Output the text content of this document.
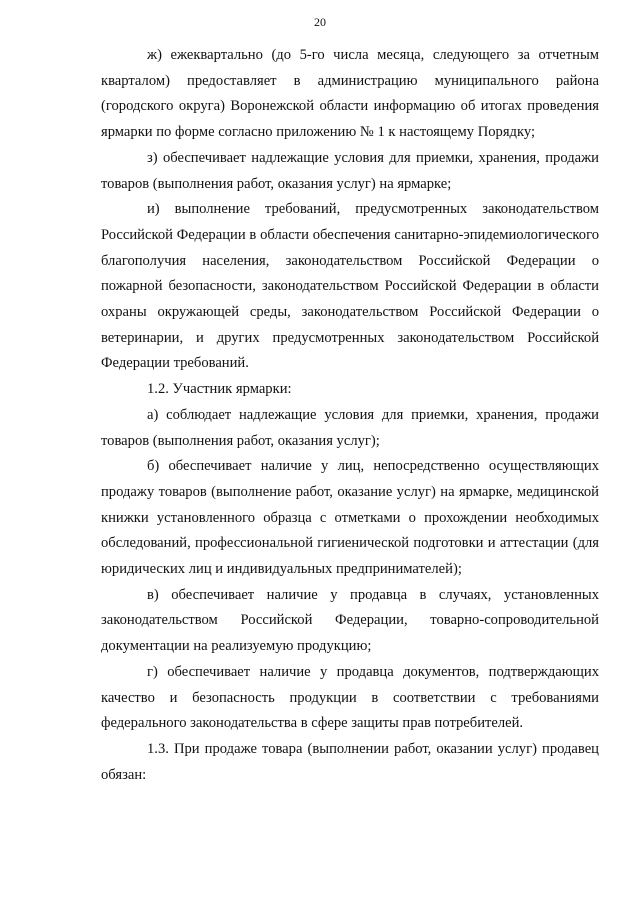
20

ж) ежеквартально (до 5-го числа месяца, следующего за отчетным кварталом) предоставляет в администрацию муниципального района (городского округа) Воронежской области информацию об итогах проведения ярмарки по форме согласно приложению № 1 к настоящему Порядку;

з) обеспечивает надлежащие условия для приемки, хранения, продажи товаров (выполнения работ, оказания услуг) на ярмарке;

и) выполнение требований, предусмотренных законодательством Российской Федерации в области обеспечения санитарно-эпидемиологического благополучия населения, законодательством Российской Федерации о пожарной безопасности, законодательством Российской Федерации в области охраны окружающей среды, законодательством Российской Федерации о ветеринарии, и других предусмотренных законодательством Российской Федерации требований.

1.2. Участник ярмарки:

а) соблюдает надлежащие условия для приемки, хранения, продажи товаров (выполнения работ, оказания услуг);

б) обеспечивает наличие у лиц, непосредственно осуществляющих продажу товаров (выполнение работ, оказание услуг) на ярмарке, медицинской книжки установленного образца с отметками о прохождении необходимых обследований, профессиональной гигиенической подготовки и аттестации (для юридических лиц и индивидуальных предпринимателей);

в) обеспечивает наличие у продавца в случаях, установленных законодательством Российской Федерации, товарно-сопроводительной документации на реализуемую продукцию;

г) обеспечивает наличие у продавца документов, подтверждающих качество и безопасность продукции в соответствии с требованиями федерального законодательства в сфере защиты прав потребителей.

1.3. При продаже товара (выполнении работ, оказании услуг) продавец обязан:
